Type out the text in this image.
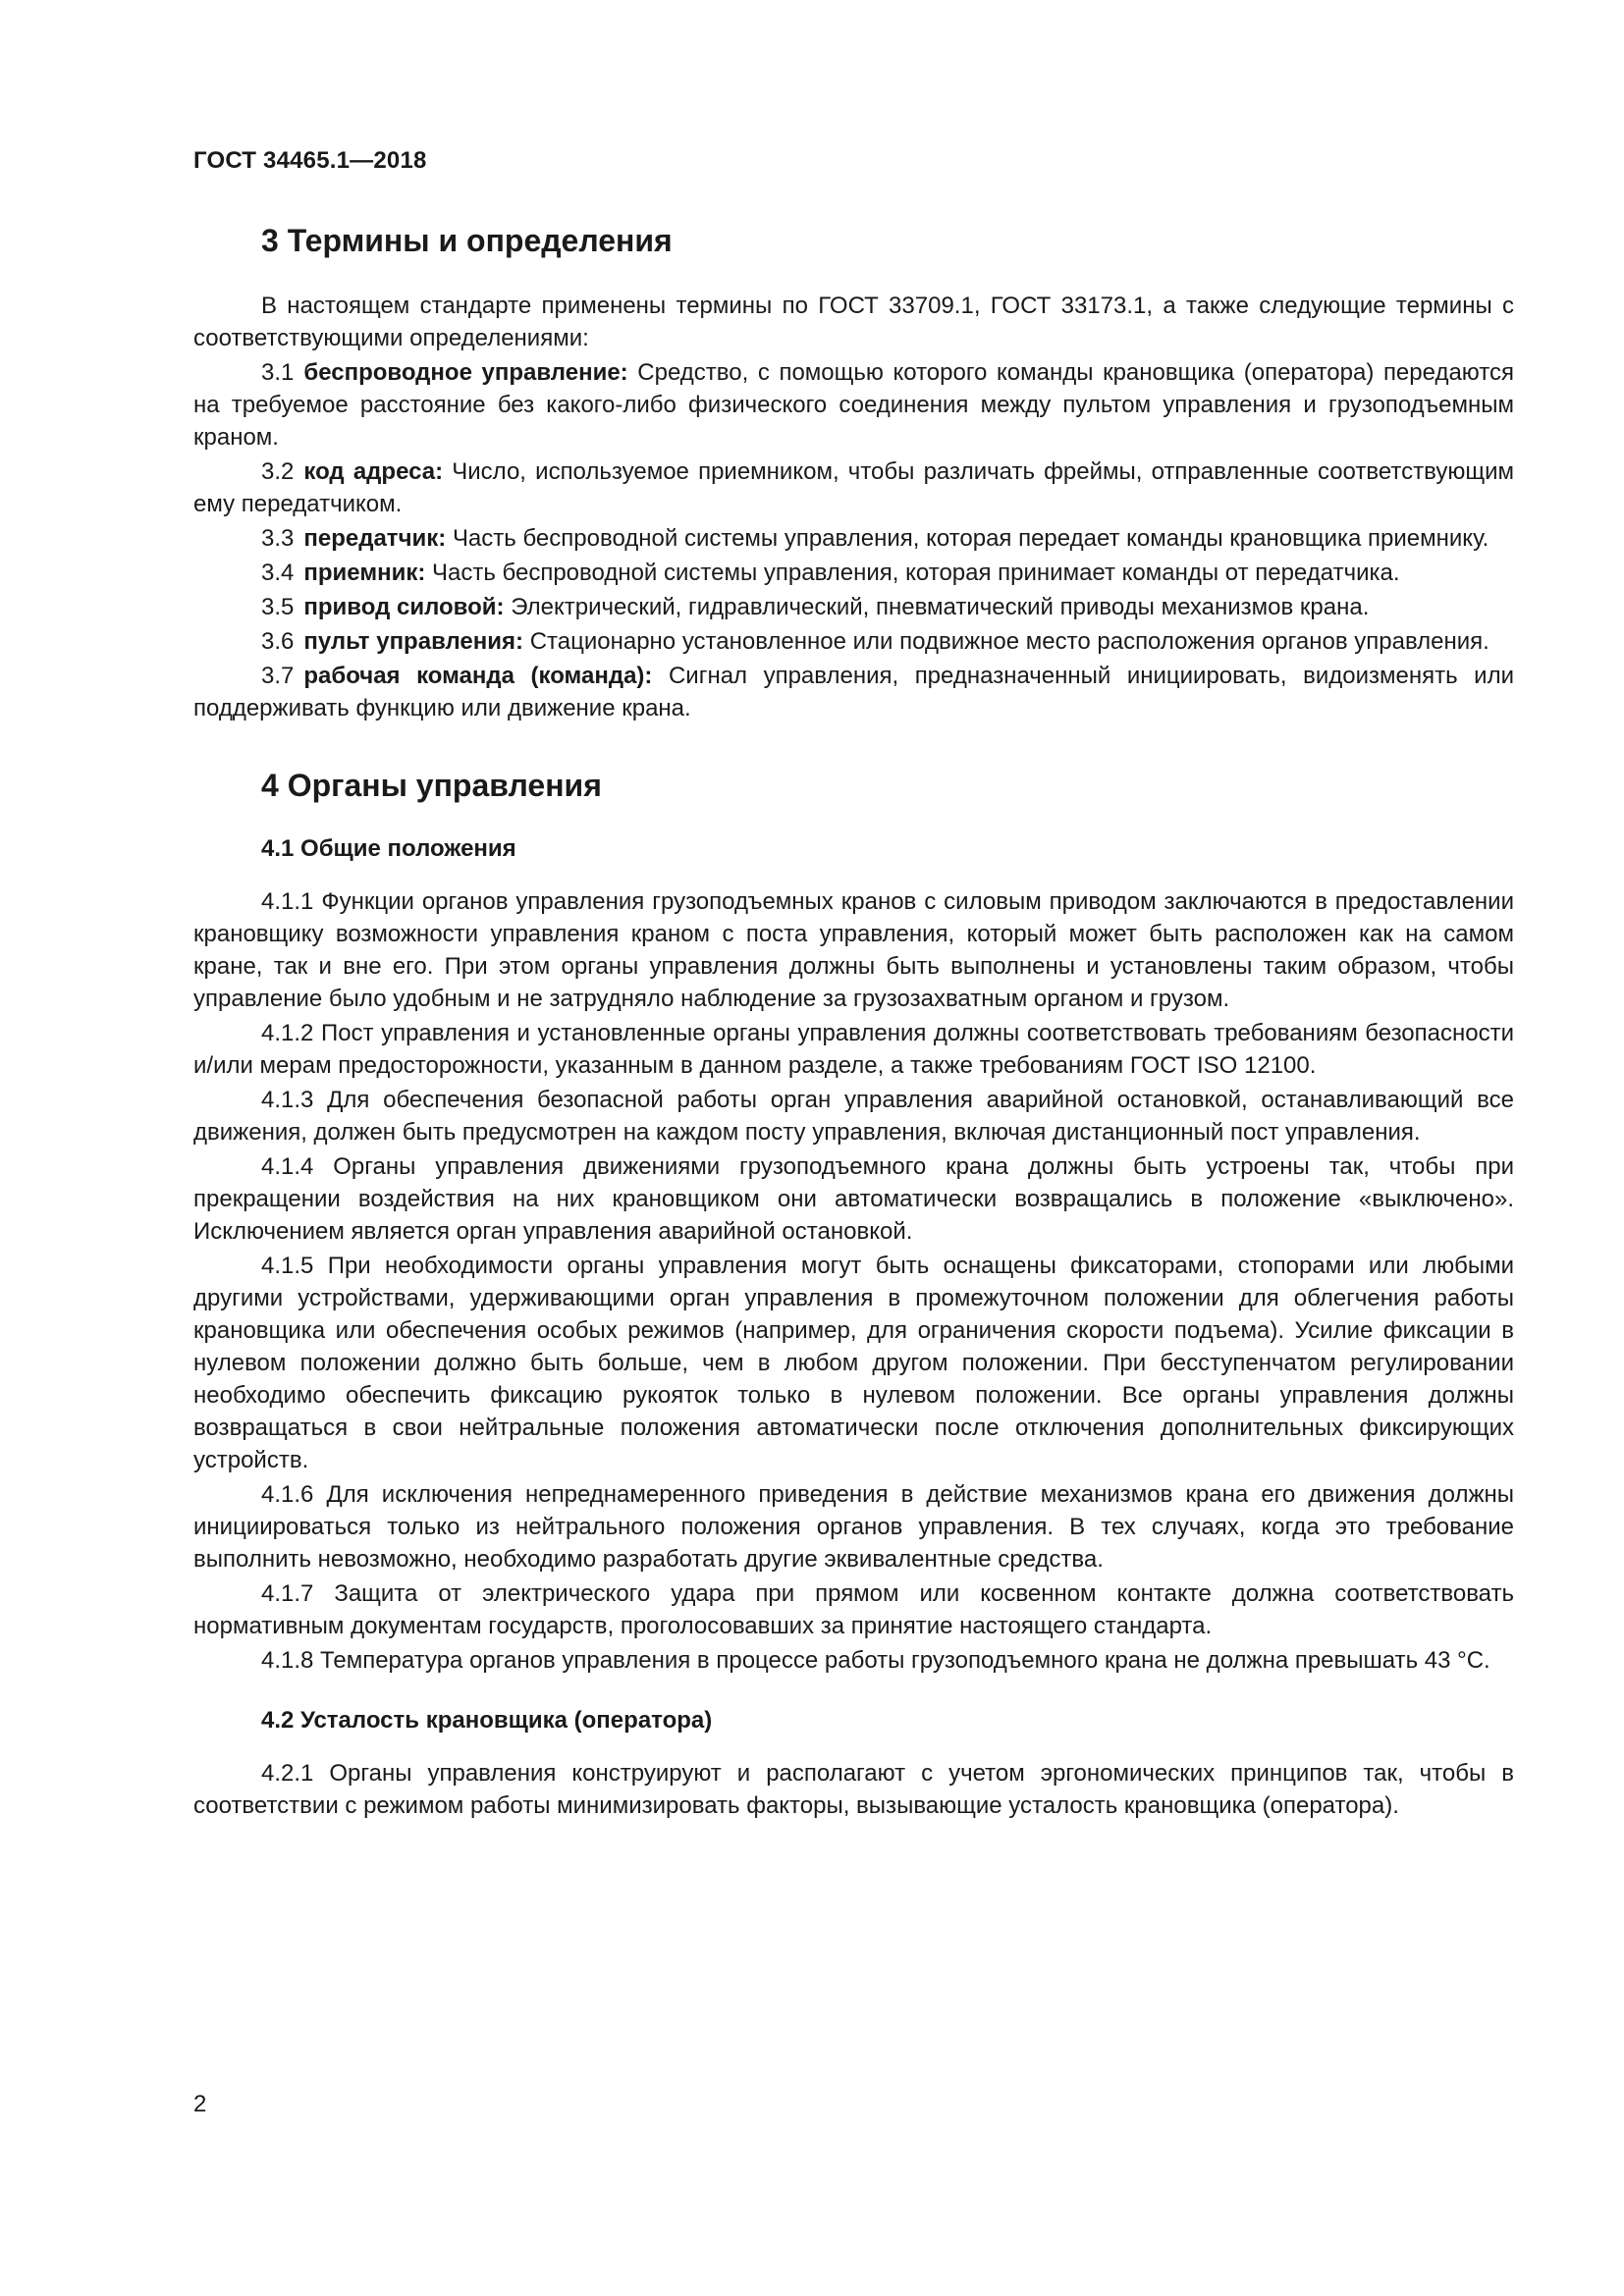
ГОСТ 34465.1—2018
3 Термины и определения

В настоящем стандарте применены термины по ГОСТ 33709.1, ГОСТ 33173.1, а также следующие термины с соответствующими определениями:

3.1 беспроводное управление: Средство, с помощью которого команды крановщика (оператора) передаются на требуемое расстояние без какого-либо физического соединения между пультом управления и грузоподъемным краном.

3.2 код адреса: Число, используемое приемником, чтобы различать фреймы, отправленные соответствующим ему передатчиком.

3.3 передатчик: Часть беспроводной системы управления, которая передает команды крановщика приемнику.

3.4 приемник: Часть беспроводной системы управления, которая принимает команды от передатчика.

3.5 привод силовой: Электрический, гидравлический, пневматический приводы механизмов крана.

3.6 пульт управления: Стационарно установленное или подвижное место расположения органов управления.

3.7 рабочая команда (команда): Сигнал управления, предназначенный инициировать, видоизменять или поддерживать функцию или движение крана.

4 Органы управления
4.1 Общие положения

4.1.1 Функции органов управления грузоподъемных кранов с силовым приводом заключаются в предоставлении крановщику возможности управления краном с поста управления, который может быть расположен как на самом кране, так и вне его. При этом органы управления должны быть выполнены и установлены таким образом, чтобы управление было удобным и не затрудняло наблюдение за грузозахватным органом и грузом.

4.1.2 Пост управления и установленные органы управления должны соответствовать требованиям безопасности и/или мерам предосторожности, указанным в данном разделе, а также требованиям ГОСТ ISO 12100.

4.1.3 Для обеспечения безопасной работы орган управления аварийной остановкой, останавливающий все движения, должен быть предусмотрен на каждом посту управления, включая дистанционный пост управления.

4.1.4 Органы управления движениями грузоподъемного крана должны быть устроены так, чтобы при прекращении воздействия на них крановщиком они автоматически возвращались в положение «выключено». Исключением является орган управления аварийной остановкой.

4.1.5 При необходимости органы управления могут быть оснащены фиксаторами, стопорами или любыми другими устройствами, удерживающими орган управления в промежуточном положении для облегчения работы крановщика или обеспечения особых режимов (например, для ограничения скорости подъема). Усилие фиксации в нулевом положении должно быть больше, чем в любом другом положении. При бесступенчатом регулировании необходимо обеспечить фиксацию рукояток только в нулевом положении. Все органы управления должны возвращаться в свои нейтральные положения автоматически после отключения дополнительных фиксирующих устройств.

4.1.6 Для исключения непреднамеренного приведения в действие механизмов крана его движения должны инициироваться только из нейтрального положения органов управления. В тех случаях, когда это требование выполнить невозможно, необходимо разработать другие эквивалентные средства.

4.1.7 Защита от электрического удара при прямом или косвенном контакте должна соответствовать нормативным документам государств, проголосовавших за принятие настоящего стандарта.

4.1.8 Температура органов управления в процессе работы грузоподъемного крана не должна превышать 43 °С.

4.2 Усталость крановщика (оператора)

4.2.1 Органы управления конструируют и располагают с учетом эргономических принципов так, чтобы в соответствии с режимом работы минимизировать факторы, вызывающие усталость крановщика (оператора).

2
